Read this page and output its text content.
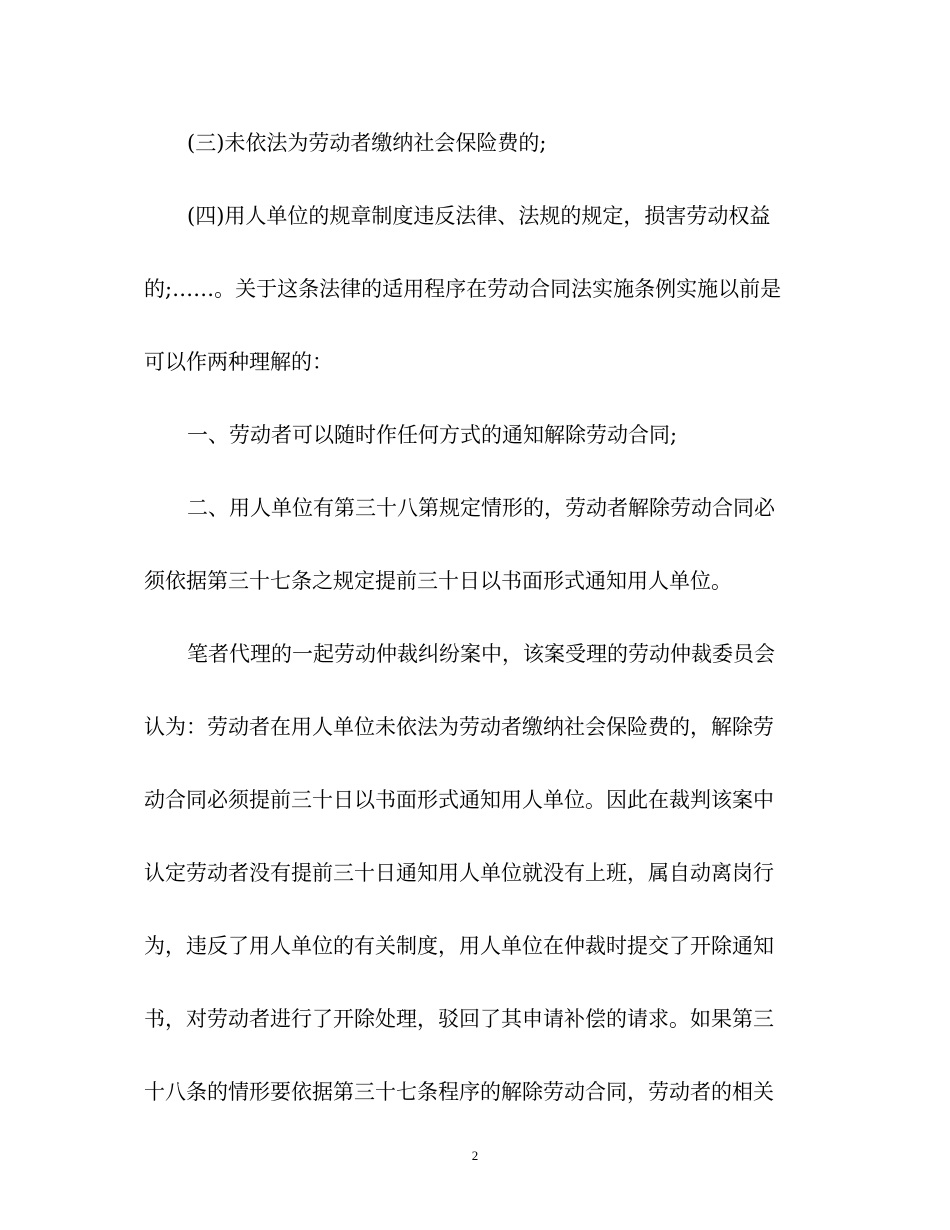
(三)未依法为劳动者缴纳社会保险费的;
(四)用人单位的规章制度违反法律、法规的规定，损害劳动权益
的;……。关于这条法律的适用程序在劳动合同法实施条例实施以前是
可以作两种理解的：
一、劳动者可以随时作任何方式的通知解除劳动合同;
二、用人单位有第三十八第规定情形的，劳动者解除劳动合同必
须依据第三十七条之规定提前三十日以书面形式通知用人单位。
笔者代理的一起劳动仲裁纠纷案中，该案受理的劳动仲裁委员会
认为：劳动者在用人单位未依法为劳动者缴纳社会保险费的，解除劳
动合同必须提前三十日以书面形式通知用人单位。因此在裁判该案中
认定劳动者没有提前三十日通知用人单位就没有上班，属自动离岗行
为，违反了用人单位的有关制度，用人单位在仲裁时提交了开除通知
书，对劳动者进行了开除处理，驳回了其申请补偿的请求。如果第三
十八条的情形要依据第三十七条程序的解除劳动合同，劳动者的相关
2
